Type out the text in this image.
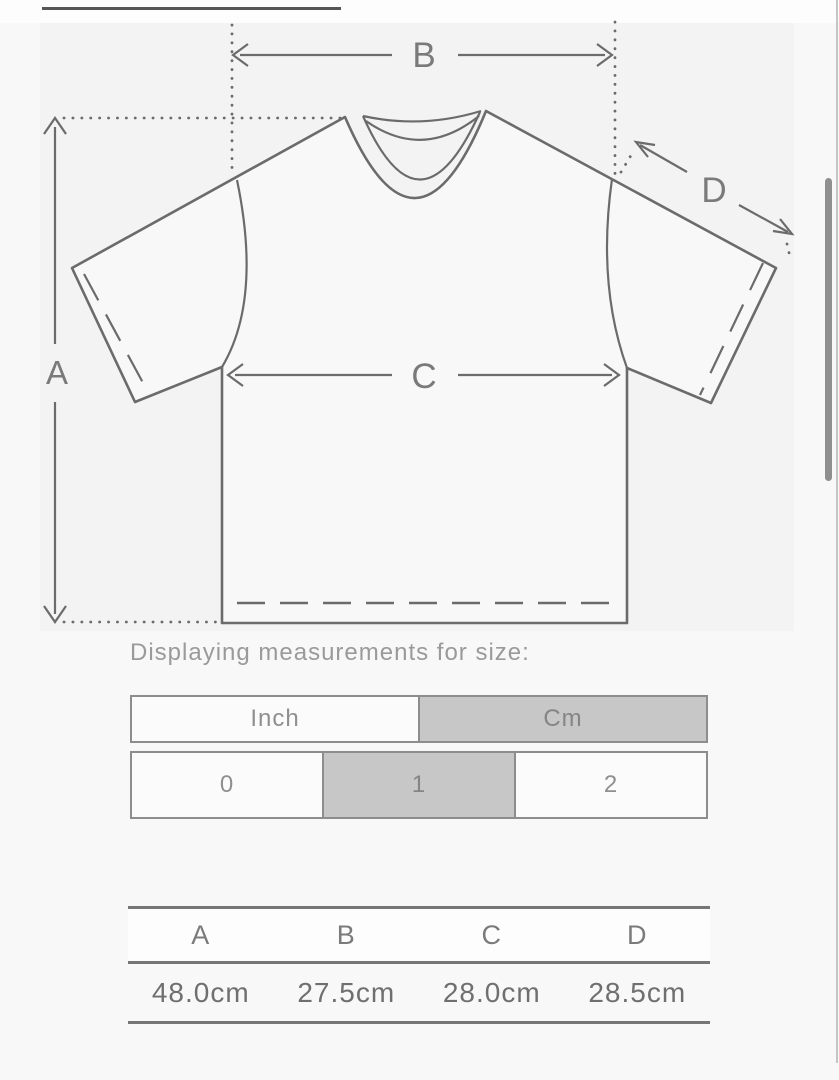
A
B
C
D
Displaying measurements for size:
Inch	Cm
0	1	2
A	B	C	D
48.0cm	27.5cm	28.0cm	28.5cm
